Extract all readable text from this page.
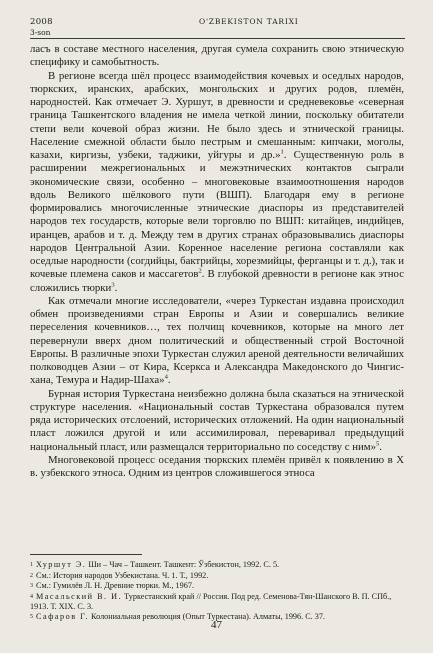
2008
3-son
O'ZBEKISTON TARIXI

ласъ в составе местного населения, другая сумела сохранить свою этническую специфику и самобытность.

В регионе всегда шёл процесс взаимодействия кочевых и оседлых народов, тюркских, иранских, арабских, монгольских и других родов, племён, народностей. Как отмечает Э. Хуршут, в древности и средневековье «северная граница Ташкентского владения не имела четкой линии, поскольку обитатели степи вели кочевой образ жизни. Не было здесь и этнической границы. Население смежной области было пестрым и смешанным: кипчаки, моголы, казахи, киргизы, узбеки, таджики, уйгуры и др.»$^1$. Существенную роль в расширении межрегиональных и межэтнических контактов сыграли экономические связи, особенно – многовековые взаимоотношения народов вдоль Великого шёлкового пути (ВШП). Благодаря ему в регионе формировались многочисленные этнические диаспоры из представителей народов тех государств, которые вели торговлю по ВШП: китайцев, индийцев, иранцев, арабов и т. д. Между тем в других странах образовывались диаспоры народов Центральной Азии. Коренное население региона составляли как оседлые народности (согдийцы, бактрийцы, хорезмийцы, ферганцы и т. д.), так и кочевые племена саков и массагетов$^2$. В глубокой древности в регионе как этнос сложились тюрки$^3$.

Как отмечали многие исследователи, «через Туркестан издавна происходил обмен произведениями стран Европы и Азии и совершались великие переселения кочевников…, тех полчищ кочевников, которые на много лет перевернули вверх дном политический и общественный строй Восточной Европы. В различные эпохи Туркестан служил ареной деятельности величайших полководцев Азии – от Кира, Ксеркса и Александра Македонского до Чингис-хана, Темура и Надир-Шаха»$^4$.

Бурная история Туркестана неизбежно должна была сказаться на этнической структуре населения. «Национальный состав Туркестана образовался путем ряда исторических отслоений, исторических отложений. На один национальный пласт ложился другой и или ассимилировал, переваривал предыдущий национальный пласт, или размещался территориально по соседству с ним»$^5$.

Многовековой процесс оседания тюркских племён привёл к появлению в Х в. узбекского этноса. Одним из центров сложившегося этноса

$^1$ Хуршут Э. Ши – Чач – Ташкент. Ташкент: Ўзбекистон, 1992. С. 5.

$^2$ См.: История народов Узбекистана. Ч. 1. Т., 1992.

$^3$ См.: Гумилёв Л. Н. Древние тюрки. М., 1967.

$^4$ Масальский В. И. Туркестанский край // Россия. Под ред. Семенова-Тян-Шанского В. П. СПб., 1913. Т. XIX. С. 3.

$^5$ Сафаров Г. Колониальная революция (Опыт Туркестана). Алматы, 1996. С. 37.

47
